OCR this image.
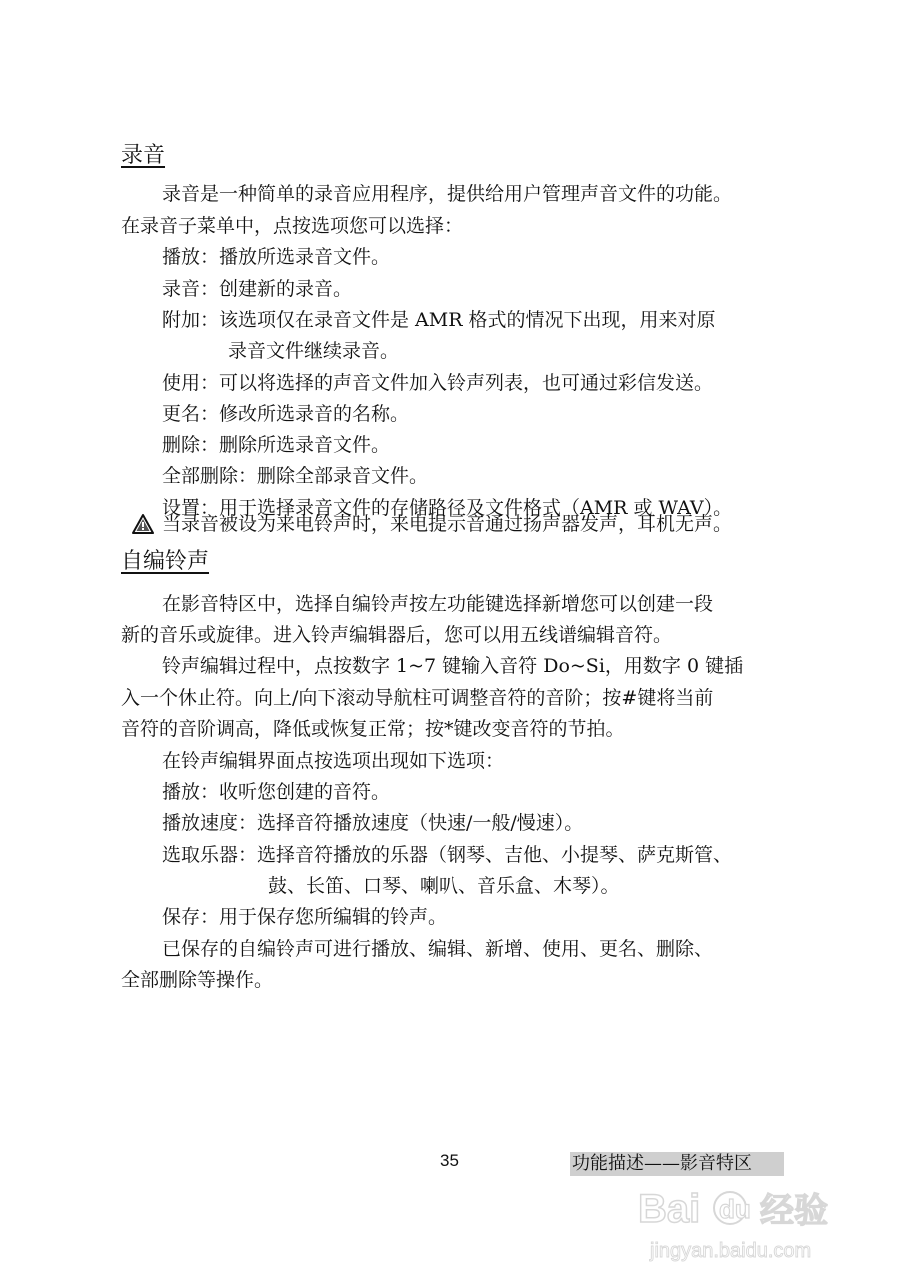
录音
录音是一种简单的录音应用程序，提供给用户管理声音文件的功能。
在录音子菜单中，点按选项您可以选择：
播放：播放所选录音文件。
录音：创建新的录音。
附加：该选项仅在录音文件是 AMR 格式的情况下出现，用来对原
录音文件继续录音。
使用：可以将选择的声音文件加入铃声列表，也可通过彩信发送。
更名：修改所选录音的名称。
删除：删除所选录音文件。
全部删除：删除全部录音文件。
设置：用于选择录音文件的存储路径及文件格式（AMR 或 WAV）。
当录音被设为来电铃声时，来电提示音通过扬声器发声，耳机无声。
自编铃声
在影音特区中，选择自编铃声按左功能键选择新增您可以创建一段
新的音乐或旋律。进入铃声编辑器后，您可以用五线谱编辑音符。
铃声编辑过程中，点按数字 1~7 键输入音符 Do~Si，用数字 0 键插
入一个休止符。向上/向下滚动导航柱可调整音符的音阶；按#键将当前
音符的音阶调高，降低或恢复正常；按*键改变音符的节拍。
在铃声编辑界面点按选项出现如下选项：
播放：收听您创建的音符。
播放速度：选择音符播放速度（快速/一般/慢速）。
选取乐器：选择音符播放的乐器（钢琴、吉他、小提琴、萨克斯管、
鼓、长笛、口琴、喇叭、音乐盒、木琴）。
保存：用于保存您所编辑的铃声。
已保存的自编铃声可进行播放、编辑、新增、使用、更名、删除、
全部删除等操作。
35	功能描述——影音特区
Bai du 经验
jingyan.baidu.com
